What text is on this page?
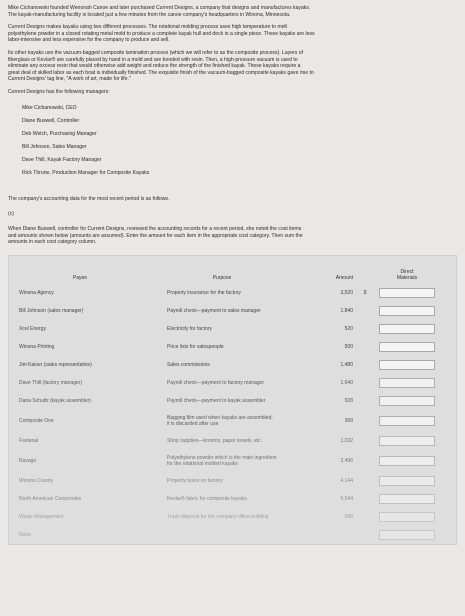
Mike Cichanowski founded Wenonah Canoe and later purchased Current Designs, a company that designs and manufactures kayaks.

The kayak-manufacturing facility is located just a few minutes from the canoe company's headquarters in Winona, Minnesota.

Current Designs makes kayaks using two different processes. The rotational molding process uses high temperature to melt

polyethylene powder in a closed rotating metal mold to produce a complete kayak hull and deck in a single piece. These kayaks are less

labor-intensive and less expensive for the company to produce and sell.

Its other kayaks use the vacuum-bagged composite lamination process (which we will refer to as the composite process). Layers of

fiberglass or Kevlar® are carefully placed by hand in a mold and are bonded with resin. Then, a high-pressure vacuum is used to

eliminate any excess resin that would otherwise add weight and reduce the strength of the finished kayak. These kayaks require a

great deal of skilled labor as each boat is individually finished. The exquisite finish of the vacuum-bagged composite kayaks gave rise to

Current Designs' tag line, "A work of art, made for life."

Current Designs has the following managers:

Mike Cichanowski, CEO
Diane Buswell, Controller
Deb Welch, Purchasing Manager
Bill Johnson, Sales Manager
Dave Thill, Kayak Factory Manager
Rick Thrune, Production Manager for Composite Kayaks

The company's accounting data for the most recent period is as follows.

(c)

When Diane Buswell, controller for Current Designs, reviewed the accounting records for a recent period, she noted the cost items

and amounts shown below (amounts are assumed). Enter the amount for each item in the appropriate cost category. Then sum the

amounts in each cost category column.

Payee	Purpose	Amount
Direct
Materials
Winona Agency	Property insurance for the factory	3,520	$
Bill Johnson (sales manager)	Payroll check—payment to sales manager	1,840
Xcel Energy	Electricity for factory	520
Winona Printing	Price lists for salespeople	500
Jim Kaiser (sales representative)	Sales commissions	1,480
Dave Thill (factory manager)	Payroll check—payment to factory manager	1,640
Dana Schultz (kayak assembler)	Payroll check—payment to kayak assembler	928
Composite One	Bagging film used when kayaks are assembled;
it is discarded after use	368
Fastenal	Shop supplies—brooms, paper towels, etc.	1,032
Ravago	Polyethylene powder which is the main ingredient
for the rotational molded kayaks	3,496
Winona County	Property taxes on factory	4,144
North American Composites	Kevlar® fabric for composite kayaks	5,544
Waste Management	Trash disposal for the company office building	688
None
